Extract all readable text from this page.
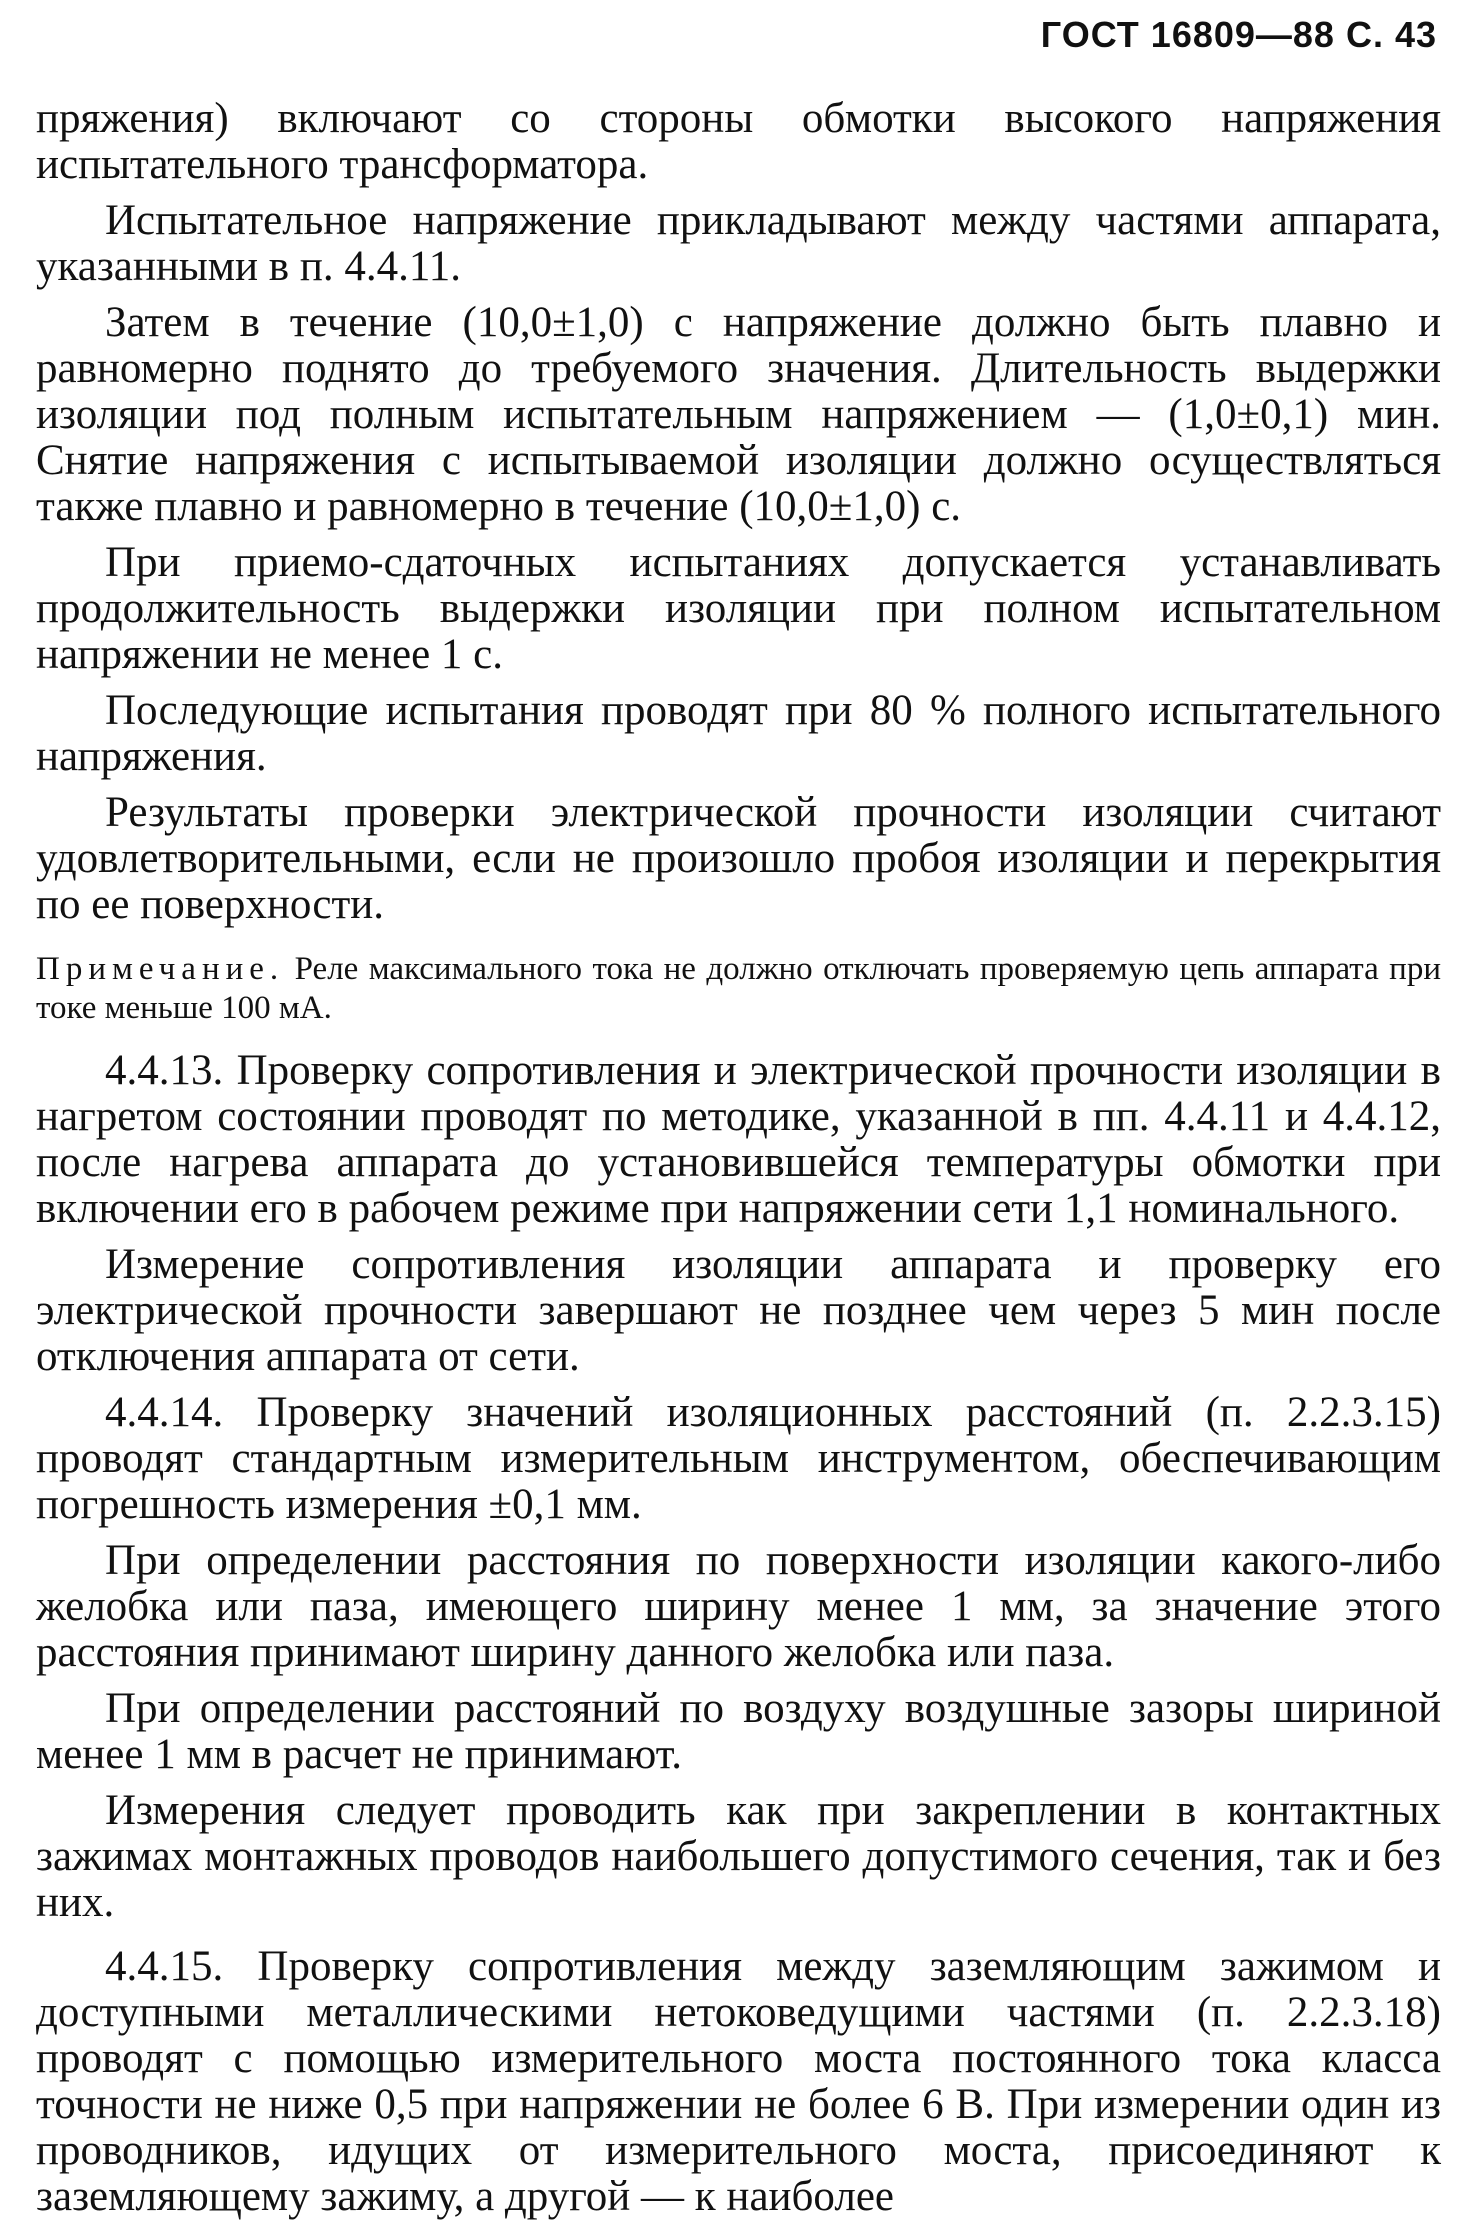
ГОСТ 16809—88 С. 43

пряжения) включают со стороны обмотки высокого напряжения испытательного трансформатора.

Испытательное напряжение прикладывают между частями аппарата, указанными в п. 4.4.11.

Затем в течение (10,0±1,0) с напряжение должно быть плавно и равномерно поднято до требуемого значения. Длительность выдержки изоляции под полным испытательным напряжением — (1,0±0,1) мин. Снятие напряжения с испытываемой изоляции должно осуществляться также плавно и равномерно в течение (10,0±1,0) с.

При приемо-сдаточных испытаниях допускается устанавливать продолжительность выдержки изоляции при полном испытательном напряжении не менее 1 с.

Последующие испытания проводят при 80 % полного испытательного напряжения.

Результаты проверки электрической прочности изоляции считают удовлетворительными, если не произошло пробоя изоляции и перекрытия по ее поверхности.

Примечание. Реле максимального тока не должно отключать проверяемую цепь аппарата при токе меньше 100 мА.

4.4.13. Проверку сопротивления и электрической прочности изоляции в нагретом состоянии проводят по методике, указанной в пп. 4.4.11 и 4.4.12, после нагрева аппарата до установившейся температуры обмотки при включении его в рабочем режиме при напряжении сети 1,1 номинального.

Измерение сопротивления изоляции аппарата и проверку его электрической прочности завершают не позднее чем через 5 мин после отключения аппарата от сети.

4.4.14. Проверку значений изоляционных расстояний (п. 2.2.3.15) проводят стандартным измерительным инструментом, обеспечивающим погрешность измерения ±0,1 мм.

При определении расстояния по поверхности изоляции какого-либо желобка или паза, имеющего ширину менее 1 мм, за значение этого расстояния принимают ширину данного желобка или паза.

При определении расстояний по воздуху воздушные зазоры шириной менее 1 мм в расчет не принимают.

Измерения следует проводить как при закреплении в контактных зажимах монтажных проводов наибольшего допустимого сечения, так и без них.

4.4.15. Проверку сопротивления между заземляющим зажимом и доступными металлическими нетоковедущими частями (п. 2.2.3.18) проводят с помощью измерительного моста постоянного тока класса точности не ниже 0,5 при напряжении не более 6 В. При измерении один из проводников, идущих от измерительного моста, присоединяют к заземляющему зажиму, а другой — к наиболее
